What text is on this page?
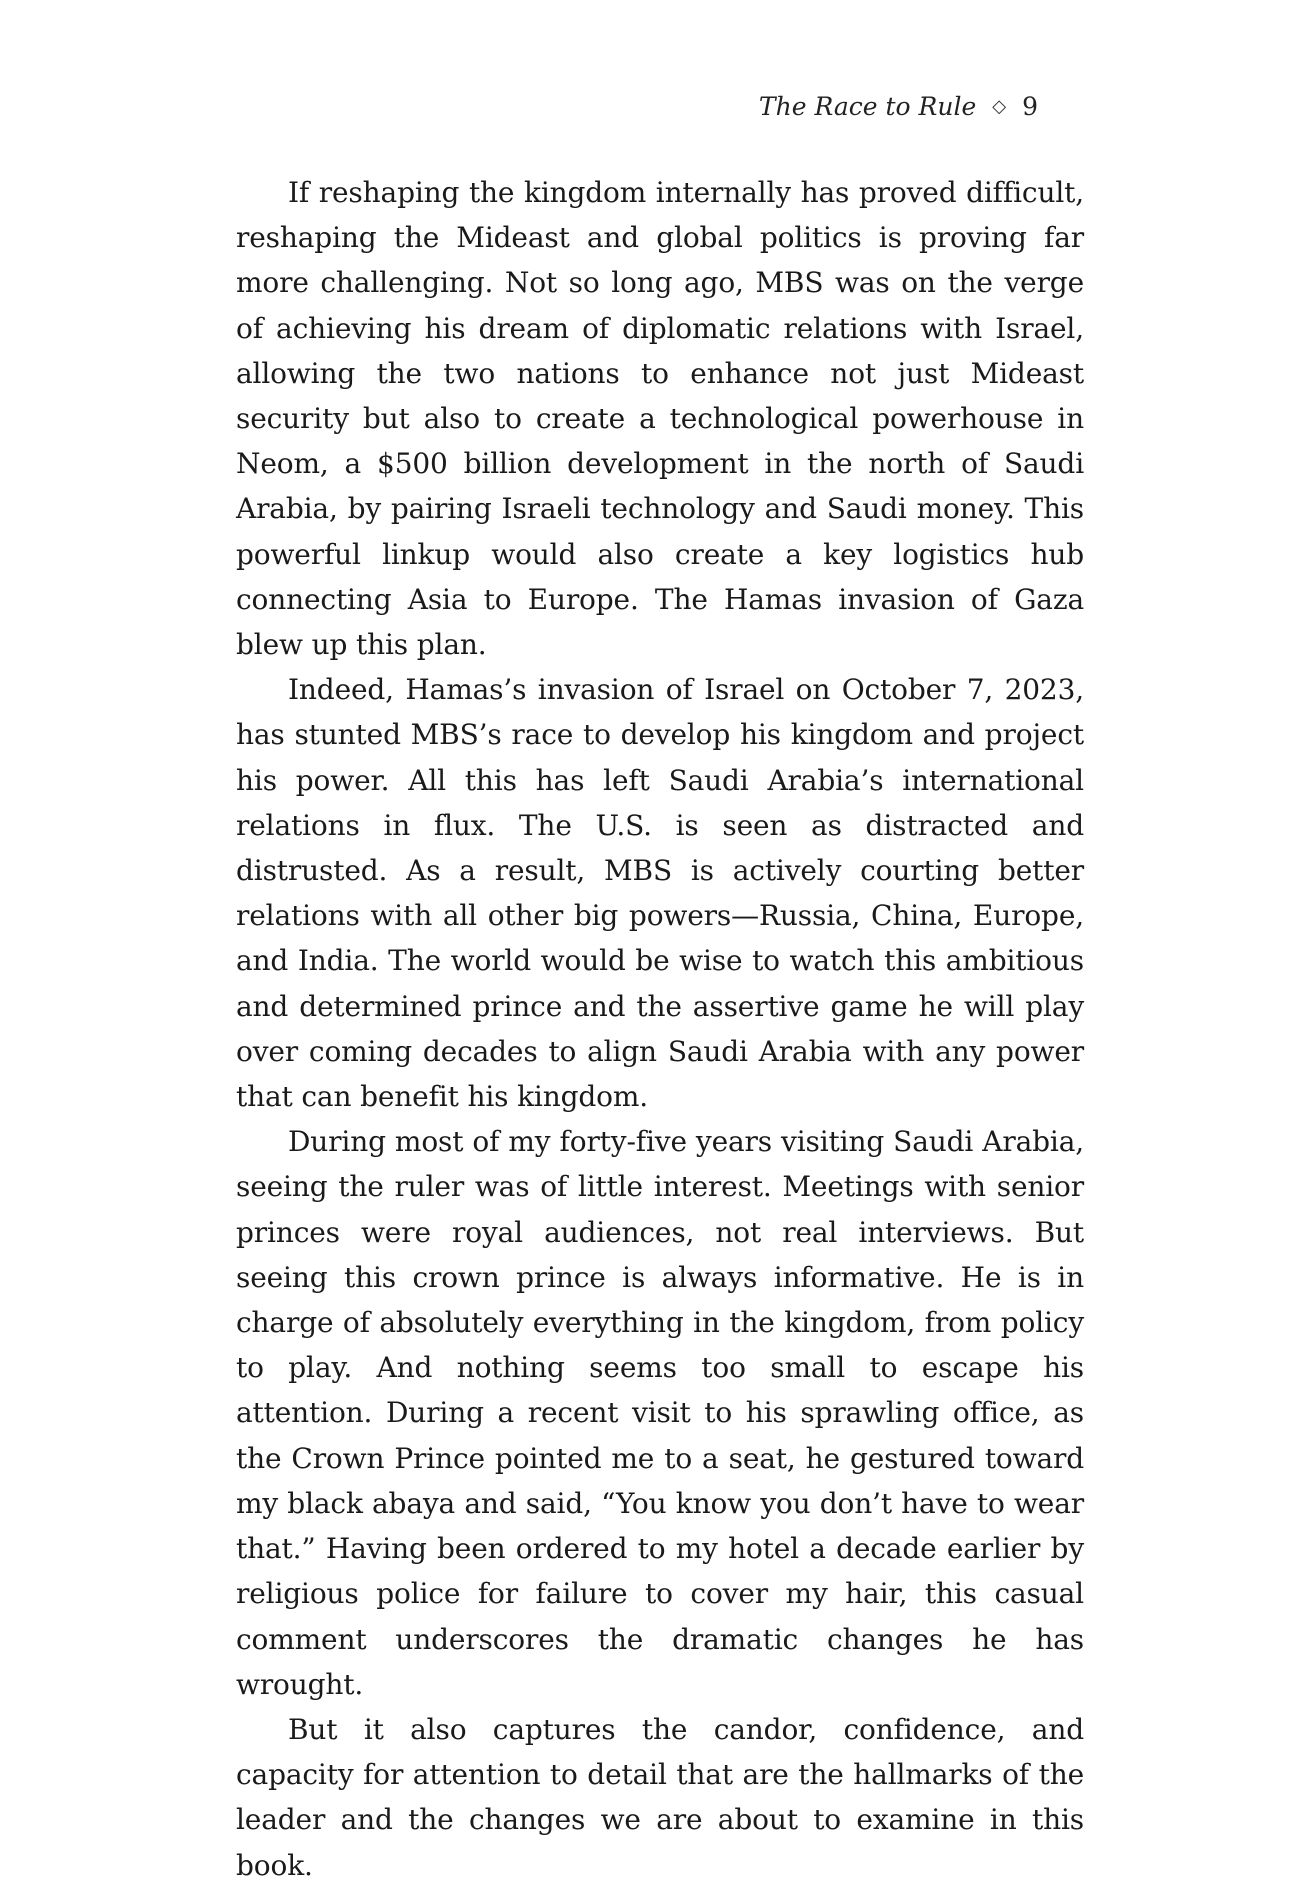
The Race to Rule ◇ 9

If reshaping the kingdom internally has proved difficult, reshaping the Mideast and global politics is proving far more challenging. Not so long ago, MBS was on the verge of achieving his dream of diplomatic relations with Israel, allowing the two nations to enhance not just Mideast security but also to create a technological powerhouse in Neom, a $500 billion development in the north of Saudi Arabia, by pairing Israeli technology and Saudi money. This powerful linkup would also create a key logistics hub connecting Asia to Europe. The Hamas invasion of Gaza blew up this plan.

Indeed, Hamas’s invasion of Israel on October 7, 2023, has stunted MBS’s race to develop his kingdom and project his power. All this has left Saudi Arabia’s international relations in flux. The U.S. is seen as distracted and distrusted. As a result, MBS is actively courting better relations with all other big powers—Russia, China, Europe, and India. The world would be wise to watch this ambitious and determined prince and the assertive game he will play over coming decades to align Saudi Arabia with any power that can benefit his kingdom.

During most of my forty-five years visiting Saudi Arabia, seeing the ruler was of little interest. Meetings with senior princes were royal audiences, not real interviews. But seeing this crown prince is always informative. He is in charge of absolutely everything in the kingdom, from policy to play. And nothing seems too small to escape his attention. During a recent visit to his sprawling office, as the Crown Prince pointed me to a seat, he gestured toward my black abaya and said, “You know you don’t have to wear that.” Having been ordered to my hotel a decade earlier by religious police for failure to cover my hair, this casual comment underscores the dramatic changes he has wrought.

But it also captures the candor, confidence, and capacity for attention to detail that are the hallmarks of the leader and the changes we are about to examine in this book.
